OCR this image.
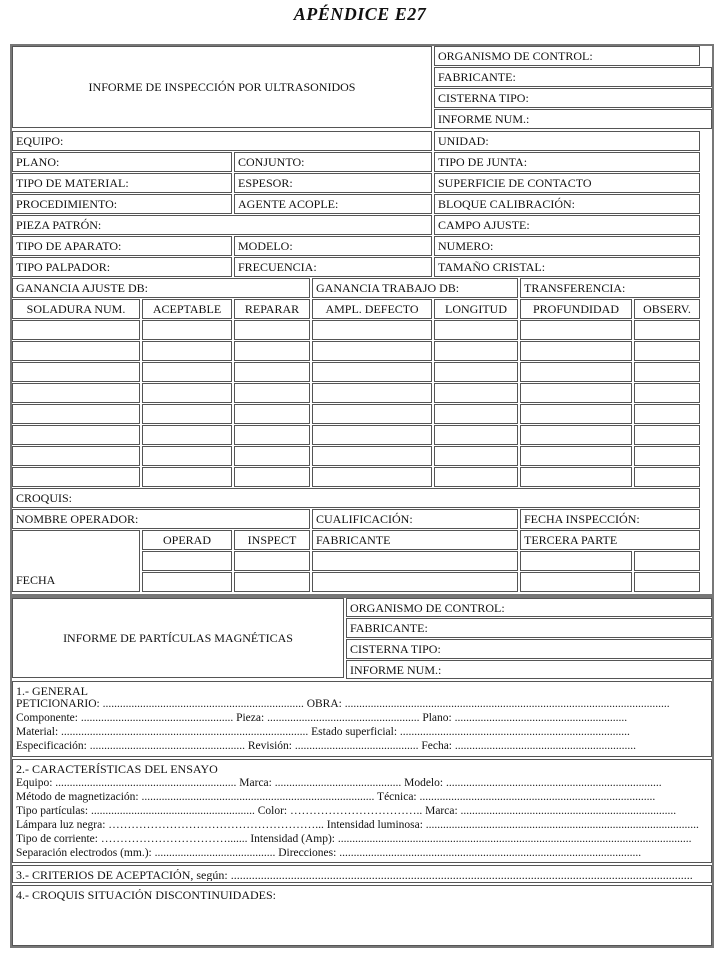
APÉNDICE E27
INFORME DE INSPECCIÓN POR ULTRASONIDOS
ORGANISMO DE CONTROL:
FABRICANTE:
CISTERNA TIPO:
INFORME NUM.:
EQUIPO:	UNIDAD:
PLANO:	CONJUNTO:	TIPO DE JUNTA:
TIPO DE MATERIAL:	ESPESOR:	SUPERFICIE DE CONTACTO
PROCEDIMIENTO:	AGENTE ACOPLE:	BLOQUE CALIBRACIÓN:
PIEZA PATRÓN:	CAMPO AJUSTE:
TIPO DE APARATO:	MODELO:	NUMERO:
TIPO PALPADOR:	FRECUENCIA:	TAMAÑO CRISTAL:
GANANCIA AJUSTE DB:	GANANCIA TRABAJO DB:	TRANSFERENCIA:
SOLADURA NUM.	ACEPTABLE	REPARAR	AMPL. DEFECTO	LONGITUD	PROFUNDIDAD	OBSERV.
CROQUIS:
NOMBRE OPERADOR:	CUALIFICACIÓN:	FECHA INSPECCIÓN:
FECHA
OPERAD	INSPECT	FABRICANTE	TERCERA PARTE
INFORME DE PARTÍCULAS MAGNÉTICAS
ORGANISMO DE CONTROL:
FABRICANTE:
CISTERNA TIPO:
INFORME NUM.:
1.- GENERAL
PETICIONARIO: ...................................................................... OBRA: .................................................................................................................
Componente: ..................................................... Pieza: ..................................................... Plano: ............................................................
Material: ...................................................................................... Estado superficial: ................................................................................
Especificación: ...................................................... Revisión: ........................................... Fecha: ...............................................................
2.- CARACTERÍSTICAS DEL ENSAYO
Equipo: ............................................................... Marca: ............................................ Modelo: ...........................................................................
Método de magnetización: ................................................................................. Técnica: ..................................................................................
Tipo partículas: ......................................................... Color: …………………………….. Marca: ...........................................................................
Lámpara luz negra: ………………………………………………... Intensidad luminosa: ...............................................................................................
Tipo de corriente: ……………………………....... Intensidad (Amp): ...........................................................................................................................
Separación electrodos (mm.): .......................................... Direcciones: .........................................................................................................
3.- CRITERIOS DE ACEPTACIÓN, según: ..........................................................................................................................................................
4.- CROQUIS SITUACIÓN DISCONTINUIDADES:
